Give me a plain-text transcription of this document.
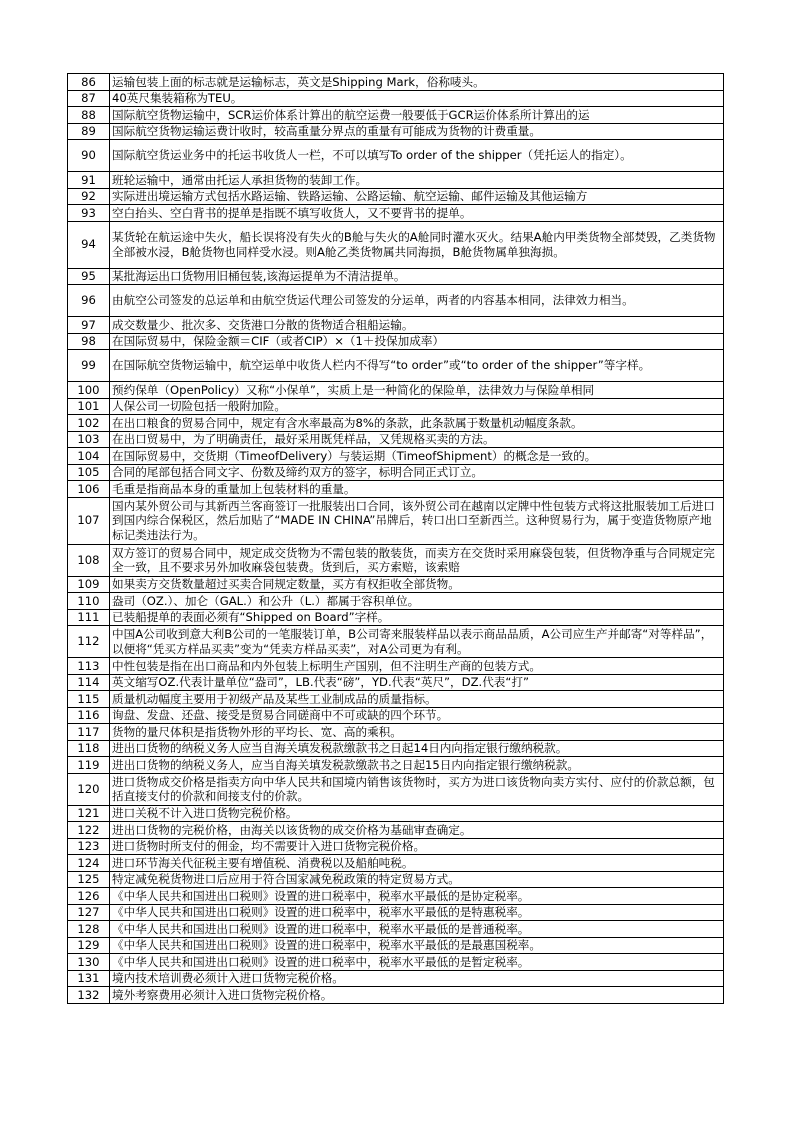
86	运输包装上面的标志就是运输标志，英文是Shipping Mark，俗称唛头。
87	40英尺集装箱称为TEU。
88	国际航空货物运输中，SCR运价体系计算出的航空运费一般要低于GCR运价体系所计算出的运
89	国际航空货物运输运费计收时，较高重量分界点的重量有可能成为货物的计费重量。
90	国际航空货运业务中的托运书收货人一栏，不可以填写To order of the shipper（凭托运人的指定）。
91	班轮运输中，通常由托运人承担货物的装卸工作。
92	实际进出境运输方式包括水路运输、铁路运输、公路运输、航空运输、邮件运输及其他运输方
93	空白抬头、空白背书的提单是指既不填写收货人，又不要背书的提单。
94	某货轮在航运途中失火，船长误将没有失火的B舱与失火的A舱同时灌水灭火。结果A舱内甲类货物全部焚毁，乙类货物全部被水浸，B舱货物也同样受水浸。则A舱乙类货物属共同海损，B舱货物属单独海损。
95	某批海运出口货物用旧桶包装,该海运提单为不清洁提单。
96	由航空公司签发的总运单和由航空货运代理公司签发的分运单，两者的内容基本相同，法律效力相当。
97	成交数量少、批次多、交货港口分散的货物适合租船运输。
98	在国际贸易中，保险金额＝CIF（或者CIP）×（1＋投保加成率）
99	在国际航空货物运输中，航空运单中收货人栏内不得写“to order”或“to order of the shipper”等字样。
100	预约保单（OpenPolicy）又称“小保单”，实质上是一种简化的保险单，法律效力与保险单相同
101	人保公司一切险包括一般附加险。
102	在出口粮食的贸易合同中，规定有含水率最高为8%的条款，此条款属于数量机动幅度条款。
103	在出口贸易中，为了明确责任，最好采用既凭样品，又凭规格买卖的方法。
104	在国际贸易中，交货期（TimeofDelivery）与装运期（TimeofShipment）的概念是一致的。
105	合同的尾部包括合同文字、份数及缔约双方的签字，标明合同正式订立。
106	毛重是指商品本身的重量加上包装材料的重量。
107	国内某外贸公司与其新西兰客商签订一批服装出口合同，该外贸公司在越南以定牌中性包装方式将这批服装加工后进口到国内综合保税区，然后加贴了“MADE IN CHINA”吊牌后，转口出口至新西兰。这种贸易行为，属于变造货物原产地标记类违法行为。
108	双方签订的贸易合同中，规定成交货物为不需包装的散装货，而卖方在交货时采用麻袋包装，但货物净重与合同规定完全一致，且不要求另外加收麻袋包装费。货到后，买方索赔，该索赔
109	如果卖方交货数量超过买卖合同规定数量，买方有权拒收全部货物。
110	盎司（OZ.）、加仑（GAL.）和公升（L.）都属于容积单位。
111	已装船提单的表面必须有“Shipped on Board”字样。
112	中国A公司收到意大利B公司的一笔服装订单，B公司寄来服装样品以表示商品品质，A公司应生产并邮寄“对等样品”，以便将“凭买方样品买卖”变为“凭卖方样品买卖”，对A公司更为有利。
113	中性包装是指在出口商品和内外包装上标明生产国别，但不注明生产商的包装方式。
114	英文缩写OZ.代表计量单位“盎司”，LB.代表“磅”，YD.代表“英尺”，DZ.代表“打”
115	质量机动幅度主要用于初级产品及某些工业制成品的质量指标。
116	询盘、发盘、还盘、接受是贸易合同磋商中不可或缺的四个环节。
117	货物的量尺体积是指货物外形的平均长、宽、高的乘积。
118	进出口货物的纳税义务人应当自海关填发税款缴款书之日起14日内向指定银行缴纳税款。
119	进出口货物的纳税义务人，应当自海关填发税款缴款书之日起15日内向指定银行缴纳税款。
120	进口货物成交价格是指卖方向中华人民共和国境内销售该货物时，买方为进口该货物向卖方实付、应付的价款总额，包括直接支付的价款和间接支付的价款。
121	进口关税不计入进口货物完税价格。
122	进出口货物的完税价格，由海关以该货物的成交价格为基础审查确定。
123	进口货物时所支付的佣金，均不需要计入进口货物完税价格。
124	进口环节海关代征税主要有增值税、消费税以及船舶吨税。
125	特定减免税货物进口后应用于符合国家减免税政策的特定贸易方式。
126	《中华人民共和国进出口税则》设置的进口税率中，税率水平最低的是协定税率。
127	《中华人民共和国进出口税则》设置的进口税率中，税率水平最低的是特惠税率。
128	《中华人民共和国进出口税则》设置的进口税率中，税率水平最低的是普通税率。
129	《中华人民共和国进出口税则》设置的进口税率中，税率水平最低的是最惠国税率。
130	《中华人民共和国进出口税则》设置的进口税率中，税率水平最低的是暂定税率。
131	境内技术培训费必须计入进口货物完税价格。
132	境外考察费用必须计入进口货物完税价格。
